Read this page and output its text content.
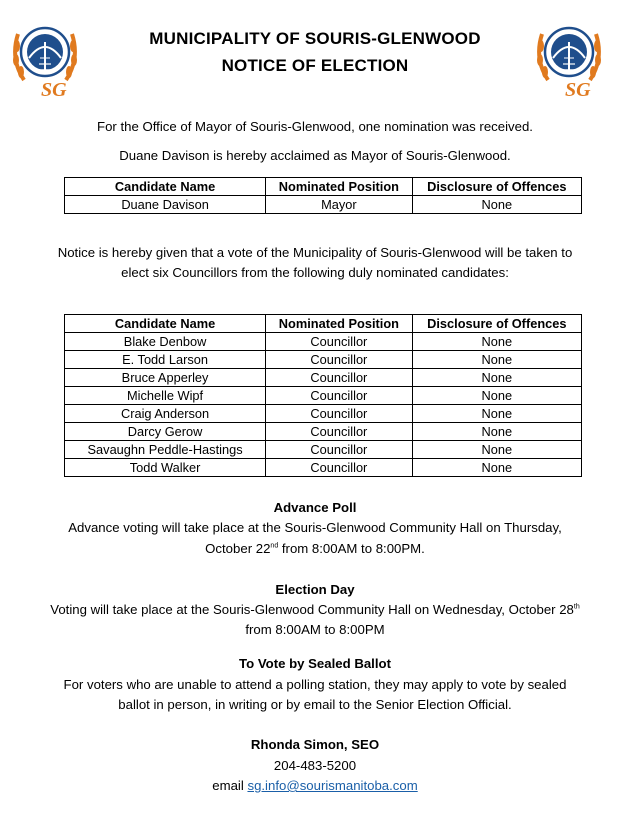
SG	SG
MUNICIPALITY OF SOURIS-GLENWOOD
NOTICE OF ELECTION
For the Office of Mayor of Souris-Glenwood, one nomination was received.
Duane Davison is hereby acclaimed as Mayor of Souris-Glenwood.
Candidate Name	Nominated Position	Disclosure of Offences
Duane Davison	Mayor	None
Notice is hereby given that a vote of the Municipality of Souris-Glenwood will be taken to
elect six Councillors from the following duly nominated candidates:
Candidate Name	Nominated Position	Disclosure of Offences
Blake Denbow	Councillor	None
E. Todd Larson	Councillor	None
Bruce Apperley	Councillor	None
Michelle Wipf	Councillor	None
Craig Anderson	Councillor	None
Darcy Gerow	Councillor	None
Savaughn Peddle-Hastings	Councillor	None
Todd Walker	Councillor	None
Advance Poll
Advance voting will take place at the Souris-Glenwood Community Hall on Thursday,
October 22nd from 8:00AM to 8:00PM.
Election Day
Voting will take place at the Souris-Glenwood Community Hall on Wednesday, October 28th
from 8:00AM to 8:00PM
To Vote by Sealed Ballot
For voters who are unable to attend a polling station, they may apply to vote by sealed
ballot in person, in writing or by email to the Senior Election Official.
Rhonda Simon, SEO
204-483-5200
email sg.info@sourismanitoba.com
